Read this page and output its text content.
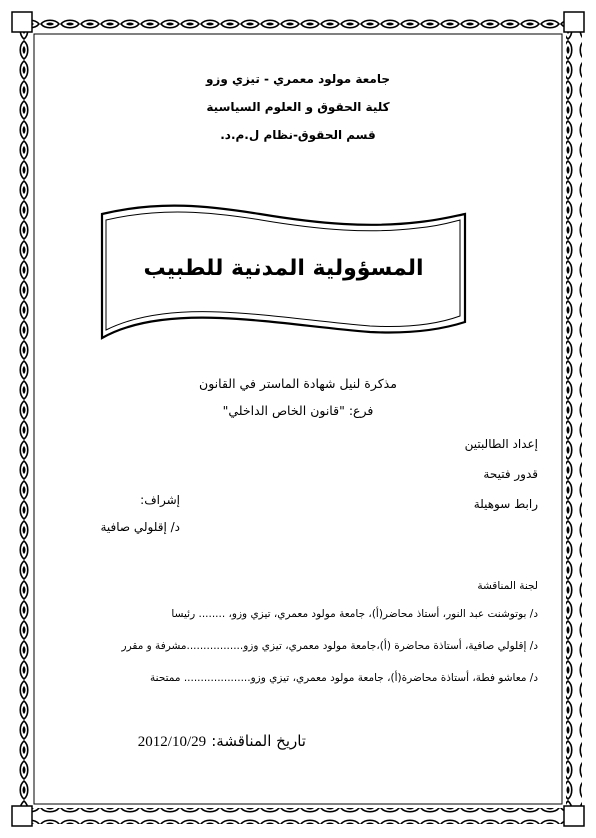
جامعة مولود معمري - تيزي وزو
كلية الحقوق و العلوم السياسية
قسم الحقوق-نظام ل.م.د.
المسؤولية المدنية للطبيب
مذكرة لنيل شهادة الماستر في القانون
فرع: "قانون الخاص الداخلي"
إعداد الطالبتين
قدور فتيحة
رابط سوهيلة
إشراف:
د/ إقلولي صافية
لجنة المناقشة
د/ بوتوشنت عبد النور، أستاذ محاضر(أ)، جامعة مولود معمري، تيزي وزو، ........ رئيسا
د/ إقلولي صافية، أستاذة محاضرة (أ)،جامعة مولود معمري، تيزي وزو.................مشرفة و مقرر
د/ معاشو فطة، أستاذة محاضرة(أ)، جامعة مولود معمري، تيزي وزو.................... ممتحنة
تاريخ المناقشة: 2012/10/29
